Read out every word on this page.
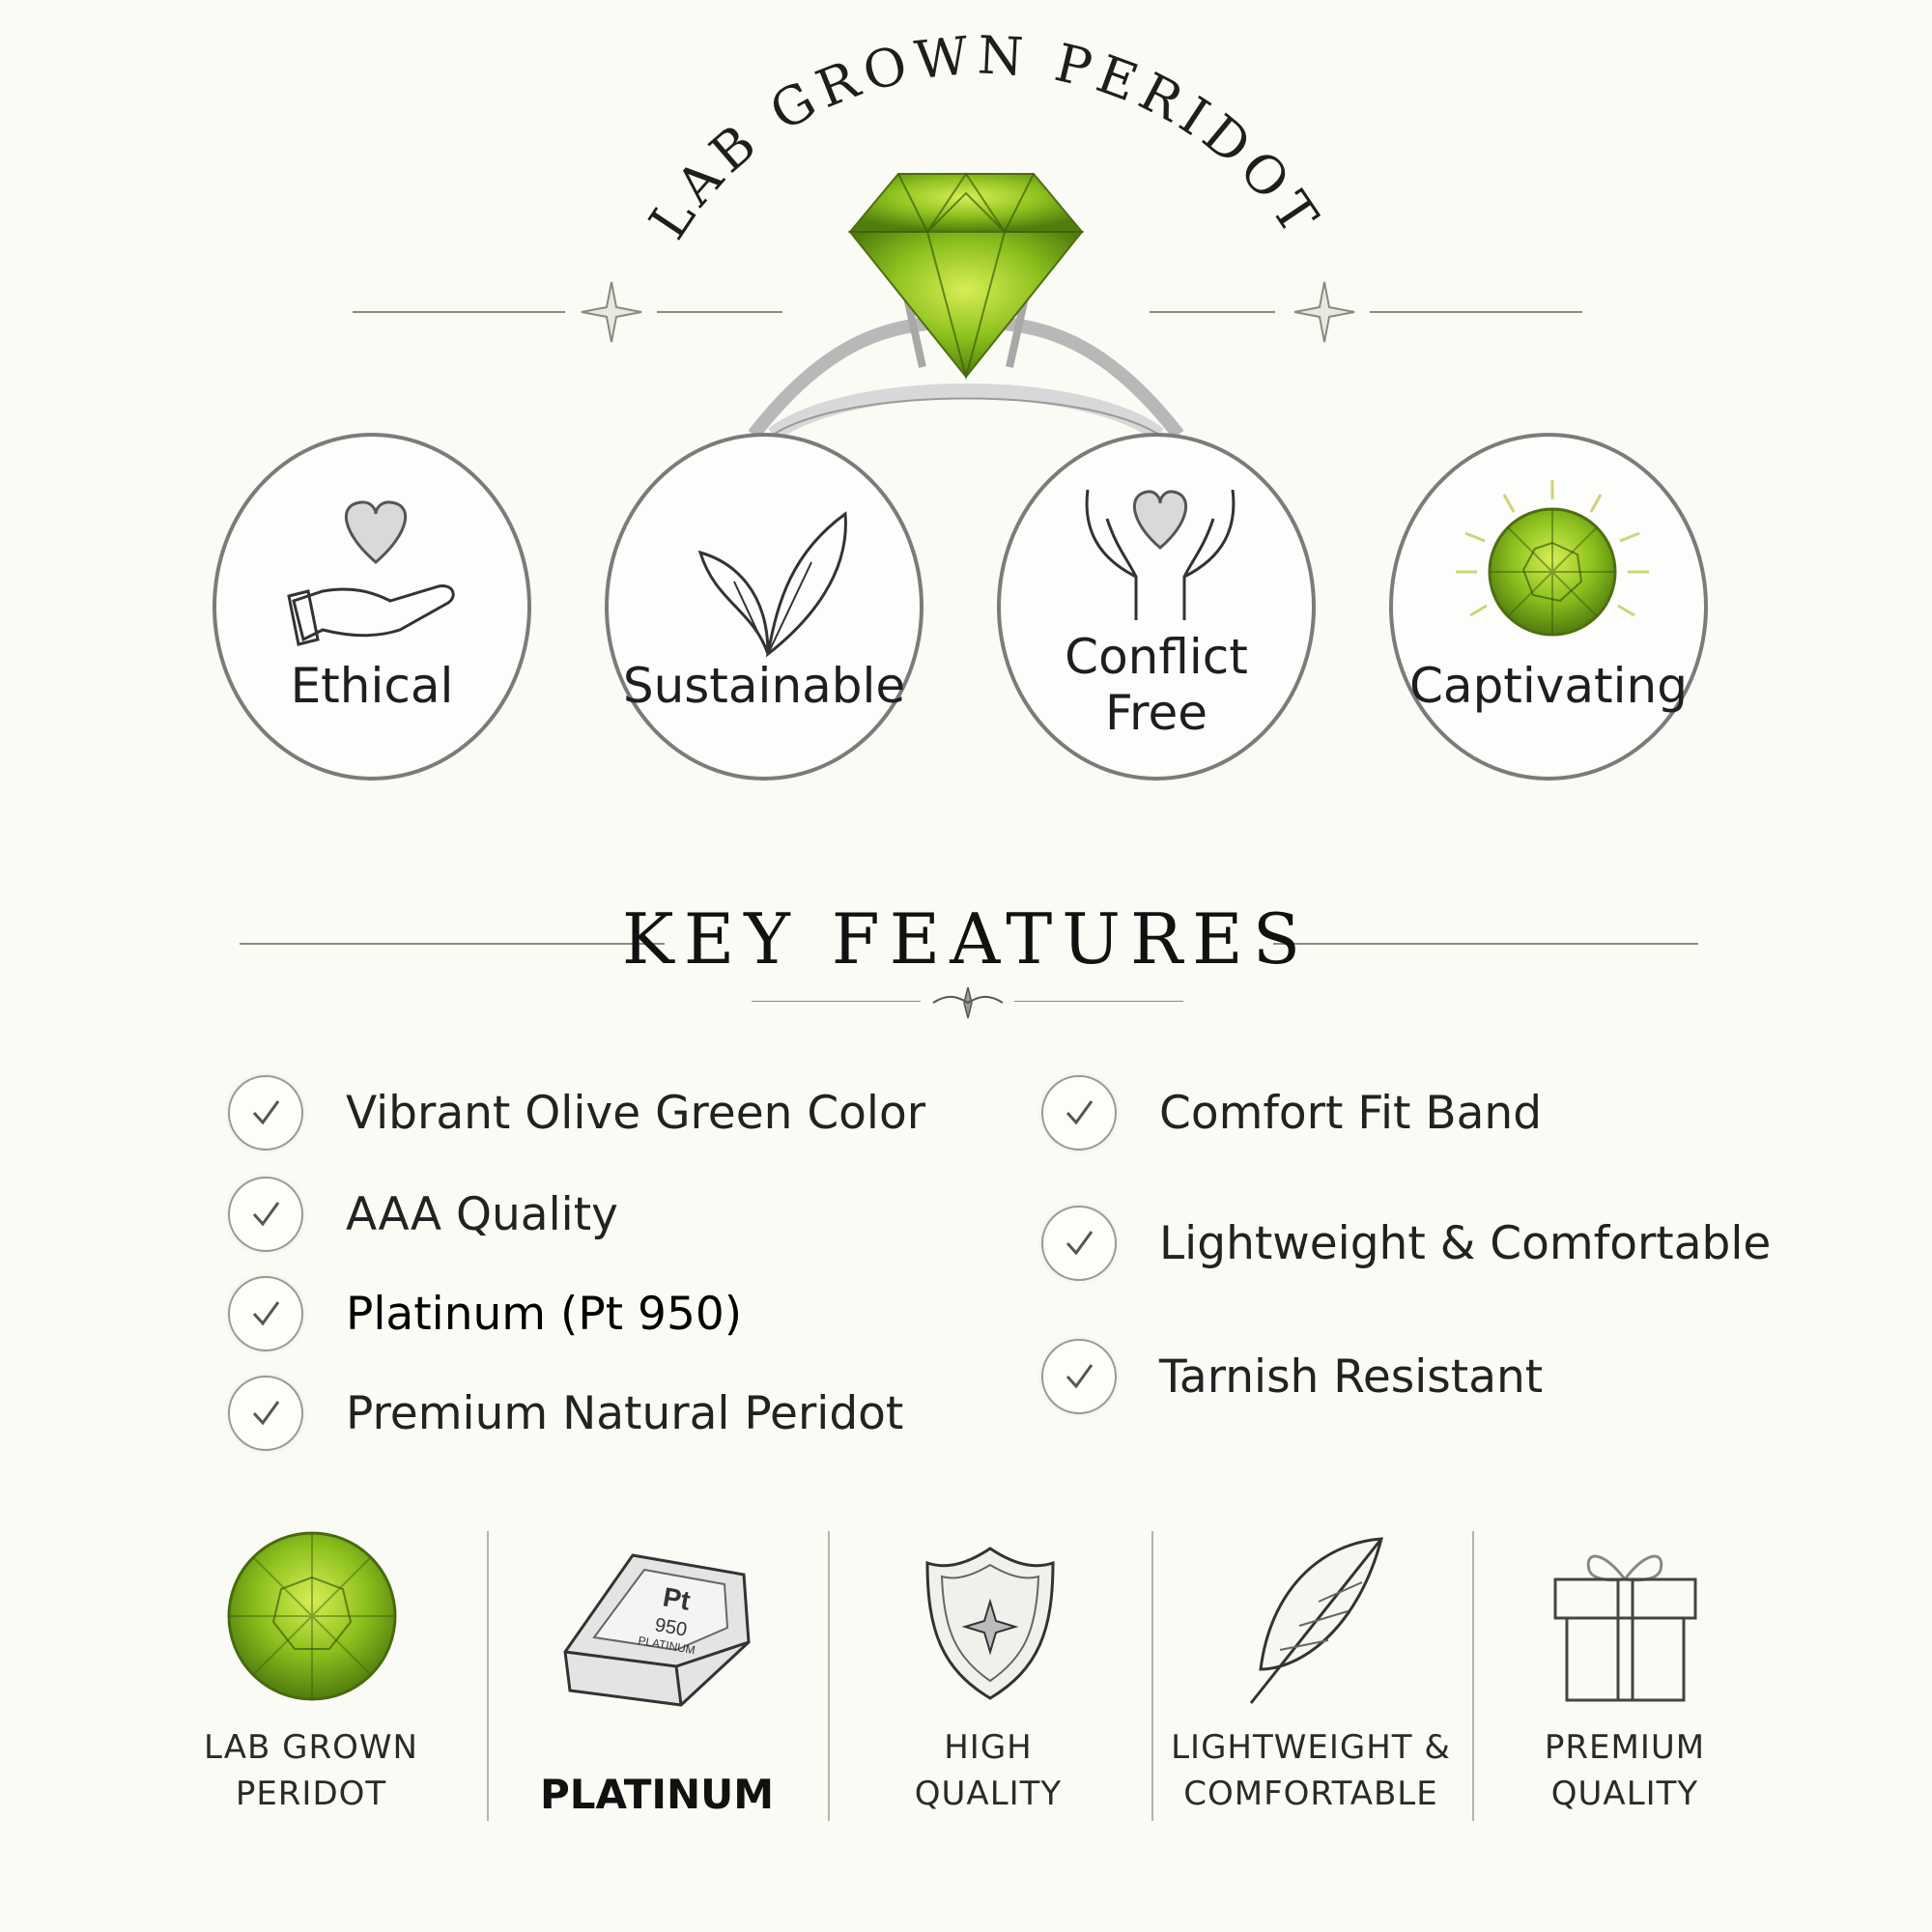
LAB GROWN PERIDOT
Ethical	Sustainable
Conflict
Free	Captivating
KEY FEATURES
Vibrant Olive Green Color
AAA Quality
Platinum (Pt 950)
Premium Natural Peridot
Comfort Fit Band
Lightweight & Comfortable
Tarnish Resistant
LAB GROWN
PERIDOT
Pt
950
PLATINUM
PLATINUM
HIGH
QUALITY
LIGHTWEIGHT &
COMFORTABLE
PREMIUM
QUALITY
